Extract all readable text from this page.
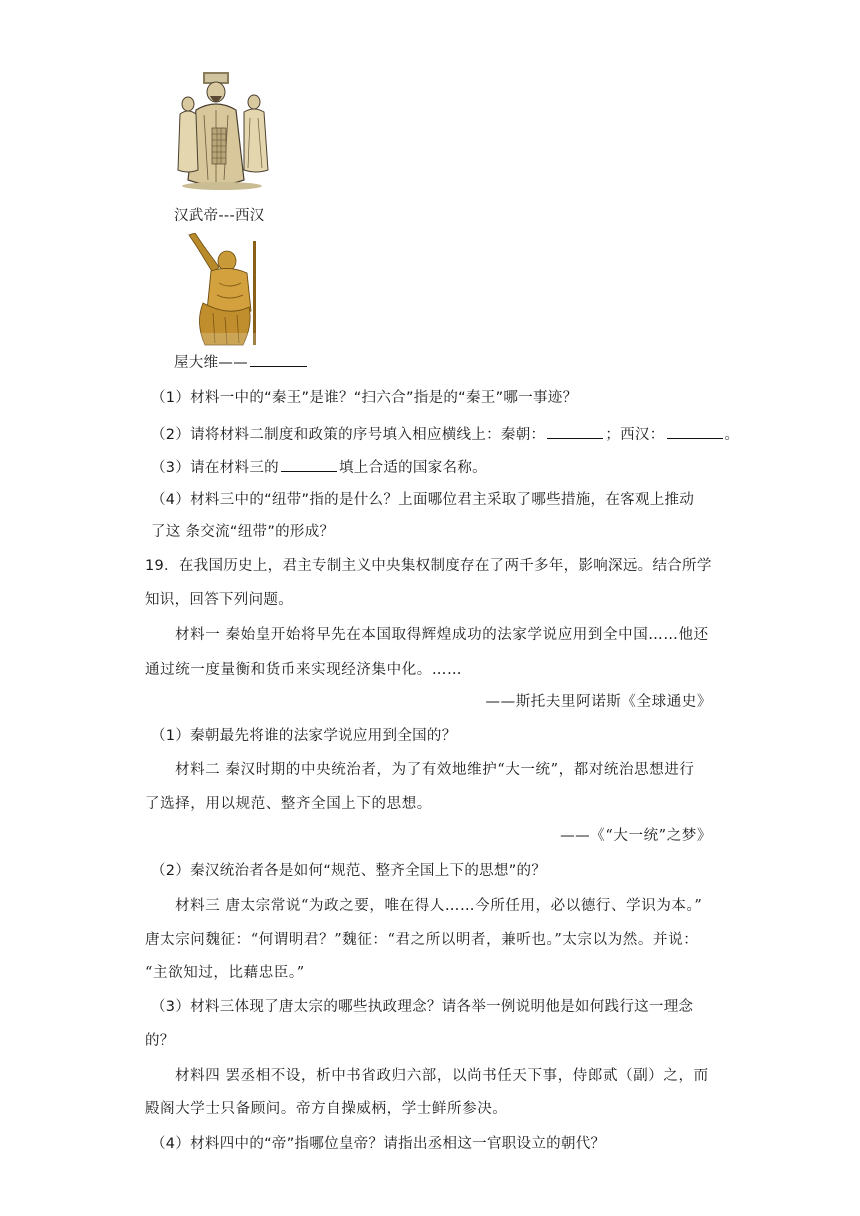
汉武帝---西汉
屋大维——
（1）材料一中的“秦王”是谁？“扫六合”指是的“秦王”哪一事迹？
（2）请将材料二制度和政策的序号填入相应横线上：秦朝：	；西汉：	。
（3）请在材料三的	填上合适的国家名称。
（4）材料三中的“纽带”指的是什么？上面哪位君主采取了哪些措施，在客观上推动
了这 条交流“纽带”的形成？
19．在我国历史上，君主专制主义中央集权制度存在了两千多年，影响深远。结合所学
知识，回答下列问题。
材料一 秦始皇开始将早先在本国取得辉煌成功的法家学说应用到全中国……他还
通过统一度量衡和货币来实现经济集中化。……
——斯托夫里阿诺斯《全球通史》
（1）秦朝最先将谁的法家学说应用到全国的？
材料二 秦汉时期的中央统治者，为了有效地维护“大一统”，都对统治思想进行
了选择，用以规范、整齐全国上下的思想。
——《“大一统”之梦》
（2）秦汉统治者各是如何“规范、整齐全国上下的思想”的？
材料三 唐太宗常说“为政之要，唯在得人……今所任用，必以德行、学识为本。”
唐太宗问魏征：“何谓明君？”魏征：“君之所以明者，兼听也。”太宗以为然。并说：
“主欲知过，比藉忠臣。”
（3）材料三体现了唐太宗的哪些执政理念？请各举一例说明他是如何践行这一理念
的？
材料四 罢丞相不设，析中书省政归六部，以尚书任天下事，侍郎贰（副）之，而
殿阁大学士只备顾问。帝方自操威柄，学士鲜所参决。
（4）材料四中的“帝”指哪位皇帝？请指出丞相这一官职设立的朝代？
